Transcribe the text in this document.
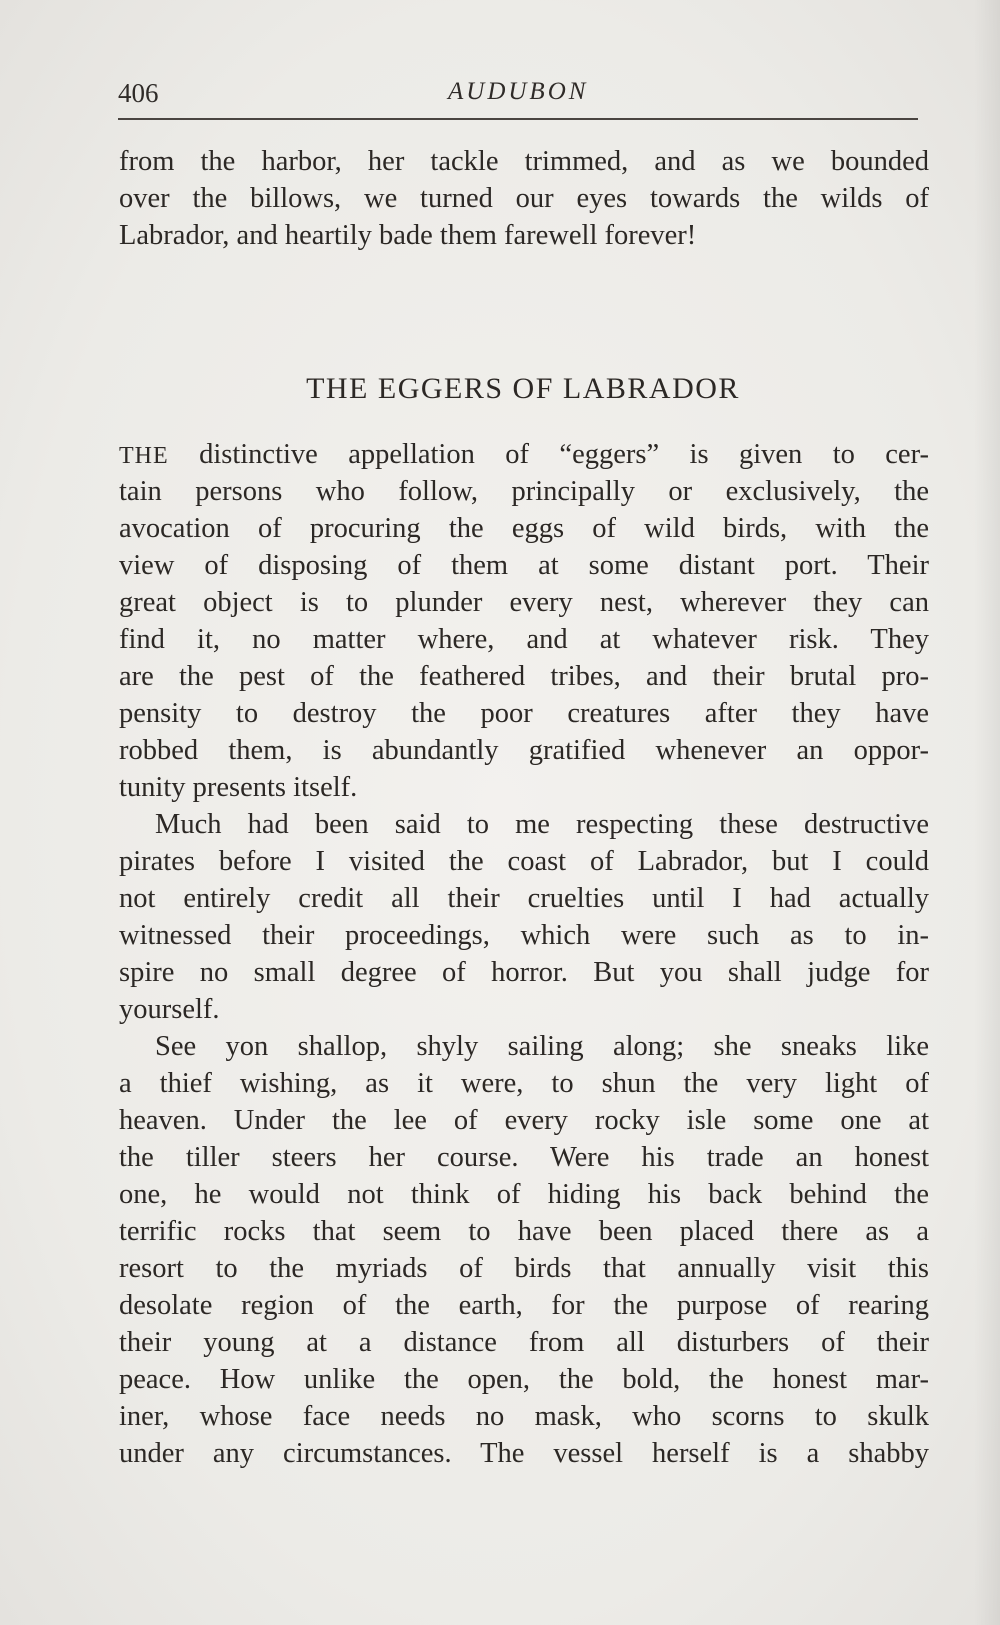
406	AUDUBON
from the harbor, her tackle trimmed, and as we bounded
over the billows, we turned our eyes towards the wilds of
Labrador, and heartily bade them farewell forever!
THE EGGERS OF LABRADOR
THE distinctive appellation of “eggers” is given to cer-
tain persons who follow, principally or exclusively, the
avocation of procuring the eggs of wild birds, with the
view of disposing of them at some distant port. Their
great object is to plunder every nest, wherever they can
find it, no matter where, and at whatever risk. They
are the pest of the feathered tribes, and their brutal pro-
pensity to destroy the poor creatures after they have
robbed them, is abundantly gratified whenever an oppor-
tunity presents itself.
Much had been said to me respecting these destructive
pirates before I visited the coast of Labrador, but I could
not entirely credit all their cruelties until I had actually
witnessed their proceedings, which were such as to in-
spire no small degree of horror. But you shall judge for
yourself.
See yon shallop, shyly sailing along; she sneaks like
a thief wishing, as it were, to shun the very light of
heaven. Under the lee of every rocky isle some one at
the tiller steers her course. Were his trade an honest
one, he would not think of hiding his back behind the
terrific rocks that seem to have been placed there as a
resort to the myriads of birds that annually visit this
desolate region of the earth, for the purpose of rearing
their young at a distance from all disturbers of their
peace. How unlike the open, the bold, the honest mar-
iner, whose face needs no mask, who scorns to skulk
under any circumstances. The vessel herself is a shabby
